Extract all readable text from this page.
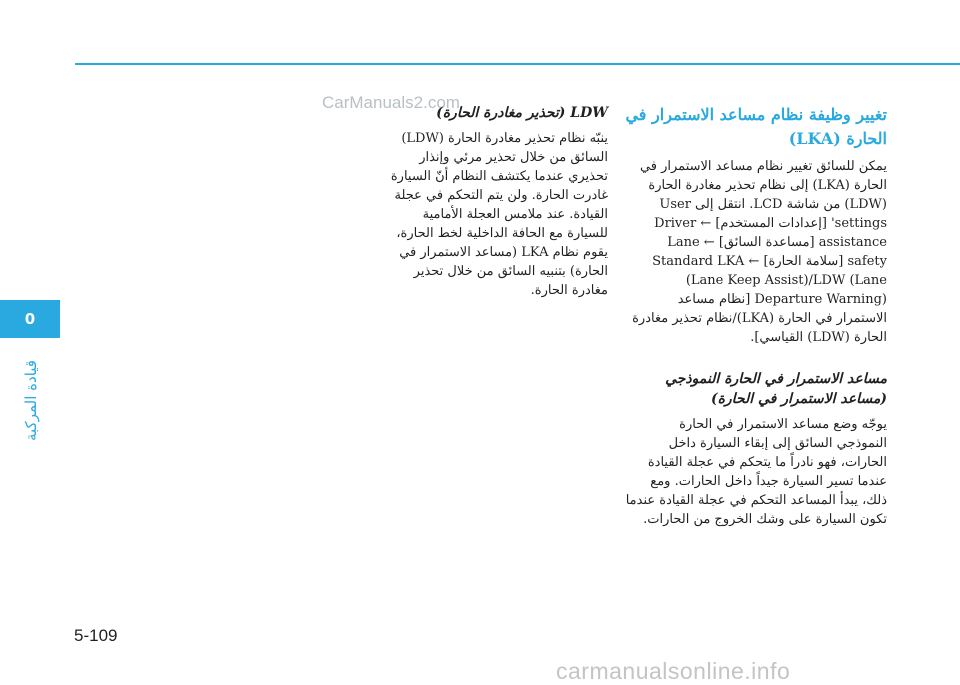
CarManuals2.com
تغيير وظيفة نظام مساعد الاستمرار في الحارة (LKA)

يمكن للسائق تغيير نظام مساعد الاستمرار في الحارة (LKA) إلى نظام تحذير مغادرة الحارة (LDW) من شاشة LCD. انتقل إلى User settings' [إعدادات المستخدم] ← Driver assistance [مساعدة السائق] ← Lane safety [سلامة الحارة] ← Standard LKA (Lane Keep Assist)/LDW (Lane Departure Warning) [نظام مساعد الاستمرار في الحارة (LKA)/نظام تحذير مغادرة الحارة (LDW) القياسي].

مساعد الاستمرار في الحارة النموذجي (مساعد الاستمرار في الحارة)

يوجّه وضع مساعد الاستمرار في الحارة النموذجي السائق إلى إبقاء السيارة داخل الحارات، فهو نادراً ما يتحكم في عجلة القيادة عندما تسير السيارة جيداً داخل الحارات. ومع ذلك، يبدأ المساعد التحكم في عجلة القيادة عندما تكون السيارة على وشك الخروج من الحارات.

LDW (تحذير مغادرة الحارة)

ينبّه نظام تحذير مغادرة الحارة (LDW) السائق من خلال تحذير مرئي وإنذار تحذيري عندما يكتشف النظام أنّ السيارة غادرت الحارة. ولن يتم التحكم في عجلة القيادة. عند ملامس العجلة الأمامية للسيارة مع الحافة الداخلية لخط الحارة، يقوم نظام LKA (مساعد الاستمرار في الحارة) بتنبيه السائق من خلال تحذير مغادرة الحارة.

0
قيادة المركبة
5-109
carmanualsonline.info
